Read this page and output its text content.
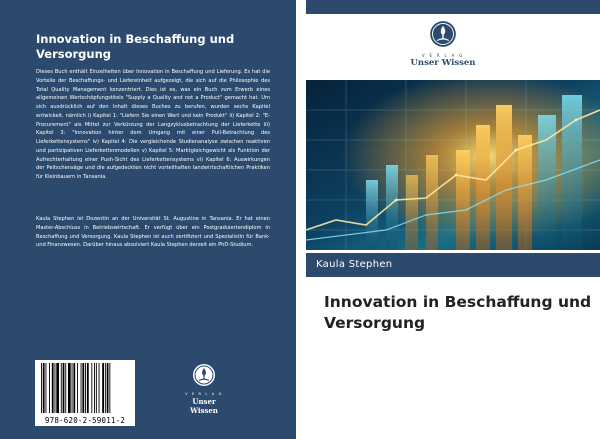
Innovation in Beschaffung und Versorgung
Dieses Buch enthält Einzelheiten über Innovation in Beschaffung und Lieferung. Es hat die Vorteile der Beschaffungs- und Liefereinheit aufgezeigt, die sich auf die Philosophie des Total Quality Management konzentriert. Dies ist es, was ein Buch zum Erwerb eines allgemeinen Wertschöpfungstitels "Supply a Quality and not a Product" gemacht hat. Um sich ausdrücklich auf den Inhalt dieses Buches zu berufen, wurden sechs Kapitel entwickelt, nämlich i) Kapitel 1: "Liefern Sie einen Wert und kein Produkt" ii) Kapitel 2: "E-Procurement" als Mittel zur Verkürzung der Langzyklusbetrachtung der Lieferkette iii) Kapitel 3: "Innovation hinter dem Umgang mit einer Pull-Betrachtung des Lieferkettensystems" iv) Kapitel 4: Die vergleichende Studienanalyse zwischen reaktiven und partizipativen Lieferkettenmodellen v) Kapitel 5: Marktgleichgewicht als Funktion der Aufrechterhaltung einer Push-Sicht des Lieferkettensystems vi) Kapitel 6: Auswirkungen der Peitschensäge und die aufgedeckten nicht vorteilhaften landwirtschaftlichen Praktiken für Kleinbauern in Tansania.
Kaula Stephen ist Dozentin an der Universität St. Augustine in Tansania. Er hat einen Master-Abschluss in Betriebswirtschaft. Er verfügt über ein Postgraduiertendiplom in Beschaffung und Versorgung. Kaula Stephen ist auch zertifiziert und Spezialistin für Bank- und Finanzwesen. Darüber hinaus absolviert Kaula Stephen derzeit ein PhD-Studium.
978-620-2-59011-2
V E R L A G
Unser Wissen
V E R L A G
Unser Wissen
Kaula Stephen
Innovation in Beschaffung und Versorgung
